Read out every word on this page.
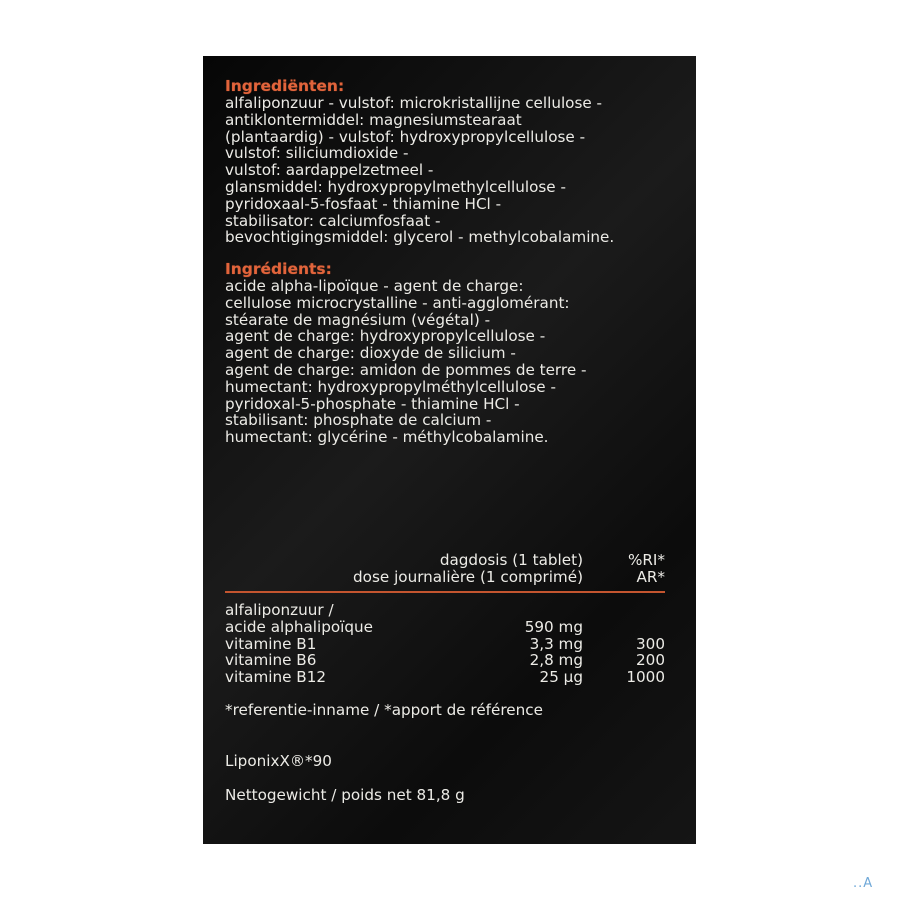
Ingrediënten:
alfaliponzuur - vulstof: microkristallijne cellulose -
antiklontermiddel: magnesiumstearaat
(plantaardig) - vulstof: hydroxypropylcellulose -
vulstof: siliciumdioxide -
vulstof: aardappelzetmeel -
glansmiddel: hydroxypropylmethylcellulose -
pyridoxaal-5-fosfaat - thiamine HCl -
stabilisator: calciumfosfaat -
bevochtigingsmiddel: glycerol - methylcobalamine.
Ingrédients:
acide alpha-lipoïque - agent de charge:
cellulose microcrystalline - anti-agglomérant:
stéarate de magnésium (végétal) -
agent de charge: hydroxypropylcellulose -
agent de charge: dioxyde de silicium -
agent de charge: amidon de pommes de terre -
humectant: hydroxypropylméthylcellulose -
pyridoxal-5-phosphate - thiamine HCl -
stabilisant: phosphate de calcium -
humectant: glycérine - méthylcobalamine.
dagdosis (1 tablet)	%RI*
dose journalière (1 comprimé)	AR*
alfaliponzuur /
acide alphalipoïque	590 mg
vitamine B1	3,3 mg	300
vitamine B6	2,8 mg	200
vitamine B12	25 µg	1000
*referentie-inname / *apport de référence
LiponixX®*90
Nettogewicht / poids net 81,8 g
..A
